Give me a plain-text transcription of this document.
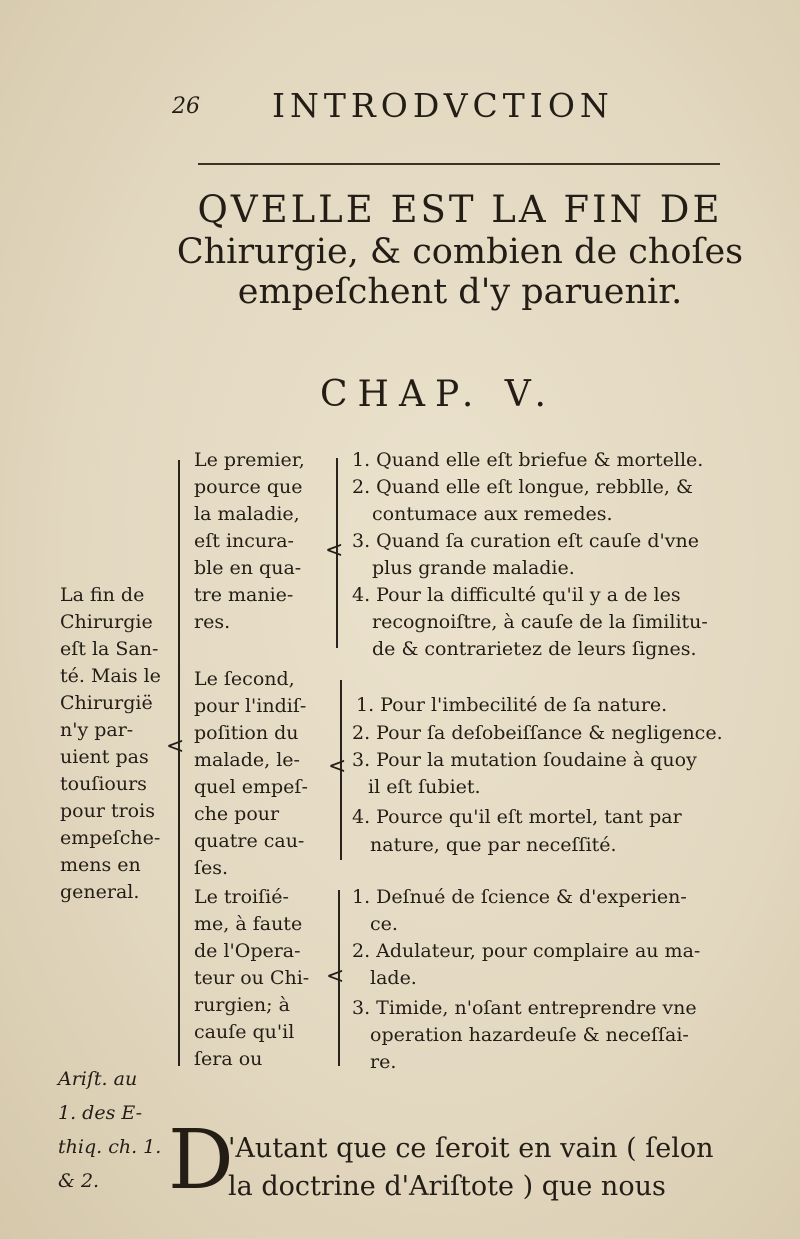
26 INTRODVCTION
QVELLE EST LA FIN DE
Chirurgie, & combien de choſes
empeſchent d'y paruenir.
CHAP. V.
La fin de
Chirurgie
eſt la San-
té. Mais le
Chirurgië
n'y par-
uient pas
touſiours
pour trois
empeſche-
mens en
general.
<
Le premier,
pource que
la maladie,
eſt incura-
ble en qua-
tre manie-
res.
<
1. Quand elle eſt briefue & mortelle.
2. Quand elle eſt longue, rebblle, &
contumace aux remedes.
3. Quand ſa curation eſt cauſe d'vne
plus grande maladie.
4. Pour la difficulté qu'il y a de les
recognoiſtre, à cauſe de la ſimilitu-
de & contrarietez de leurs ſignes.
Le ſecond,
pour l'indiſ-
poſition du
malade, le-
quel empeſ-
che pour
quatre cau-
ſes.
<
1. Pour l'imbecilité de ſa nature.
2. Pour ſa deſobeiſſance & negligence.
3. Pour la mutation ſoudaine à quoy
il eſt ſubiet.
4. Pource qu'il eſt mortel, tant par
nature, que par neceſſité.
Le troiſié-
me, à faute
de l'Opera-
teur ou Chi-
rurgien; à
cauſe qu'il
ſera ou
<
1. Deſnué de ſcience & d'experien-
ce.
2. Adulateur, pour complaire au ma-
lade.
3. Timide, n'oſant entreprendre vne
operation hazardeuſe & neceſſai-
re.
Ariſt. au
1. des E-
thiq. ch. 1.
& 2. D
'Autant que ce ſeroit en vain ( ſelon
la doctrine d'Ariſtote ) que nous
